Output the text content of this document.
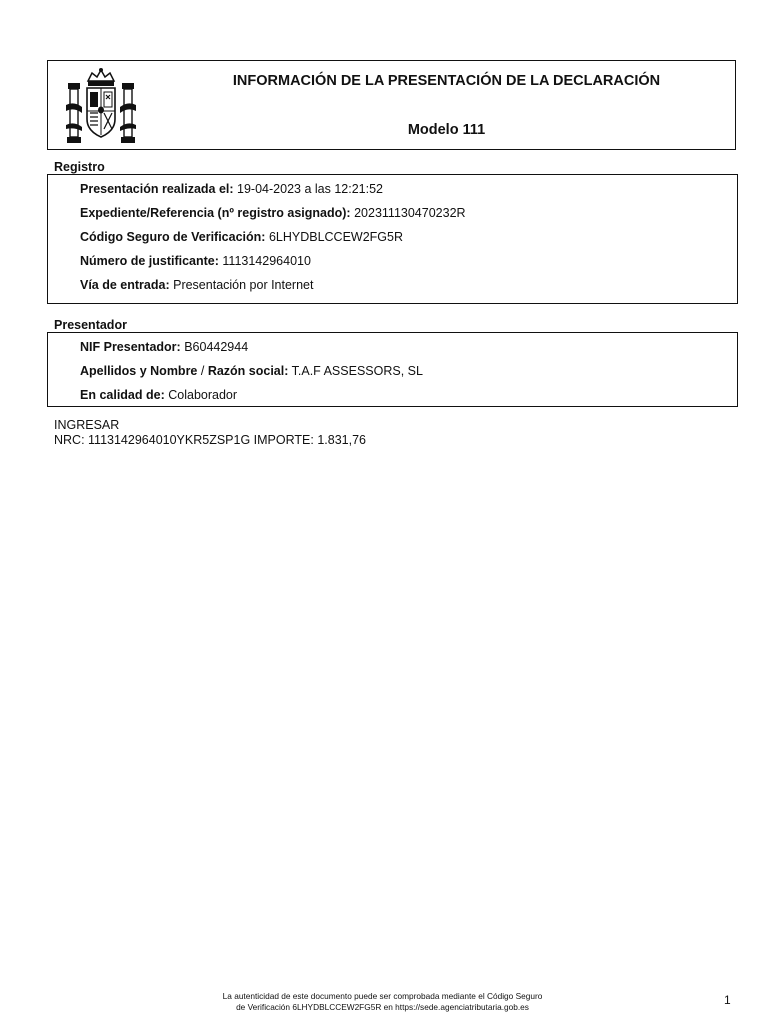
INFORMACIÓN DE LA PRESENTACIÓN DE LA DECLARACIÓN
Modelo 111
Registro
Presentación realizada el: 19-04-2023 a las 12:21:52
Expediente/Referencia (nº registro asignado): 202311130470232R
Código Seguro de Verificación: 6LHYDBLCCEW2FG5R
Número de justificante: 1113142964010
Vía de entrada: Presentación por Internet
Presentador
NIF Presentador: B60442944
Apellidos y Nombre / Razón social: T.A.F ASSESSORS, SL
En calidad de: Colaborador
INGRESAR
NRC: 1113142964010YKR5ZSP1G IMPORTE: 1.831,76
La autenticidad de este documento puede ser comprobada mediante el Código Seguro
de Verificación 6LHYDBLCCEW2FG5R en https://sede.agenciatributaria.gob.es	1
